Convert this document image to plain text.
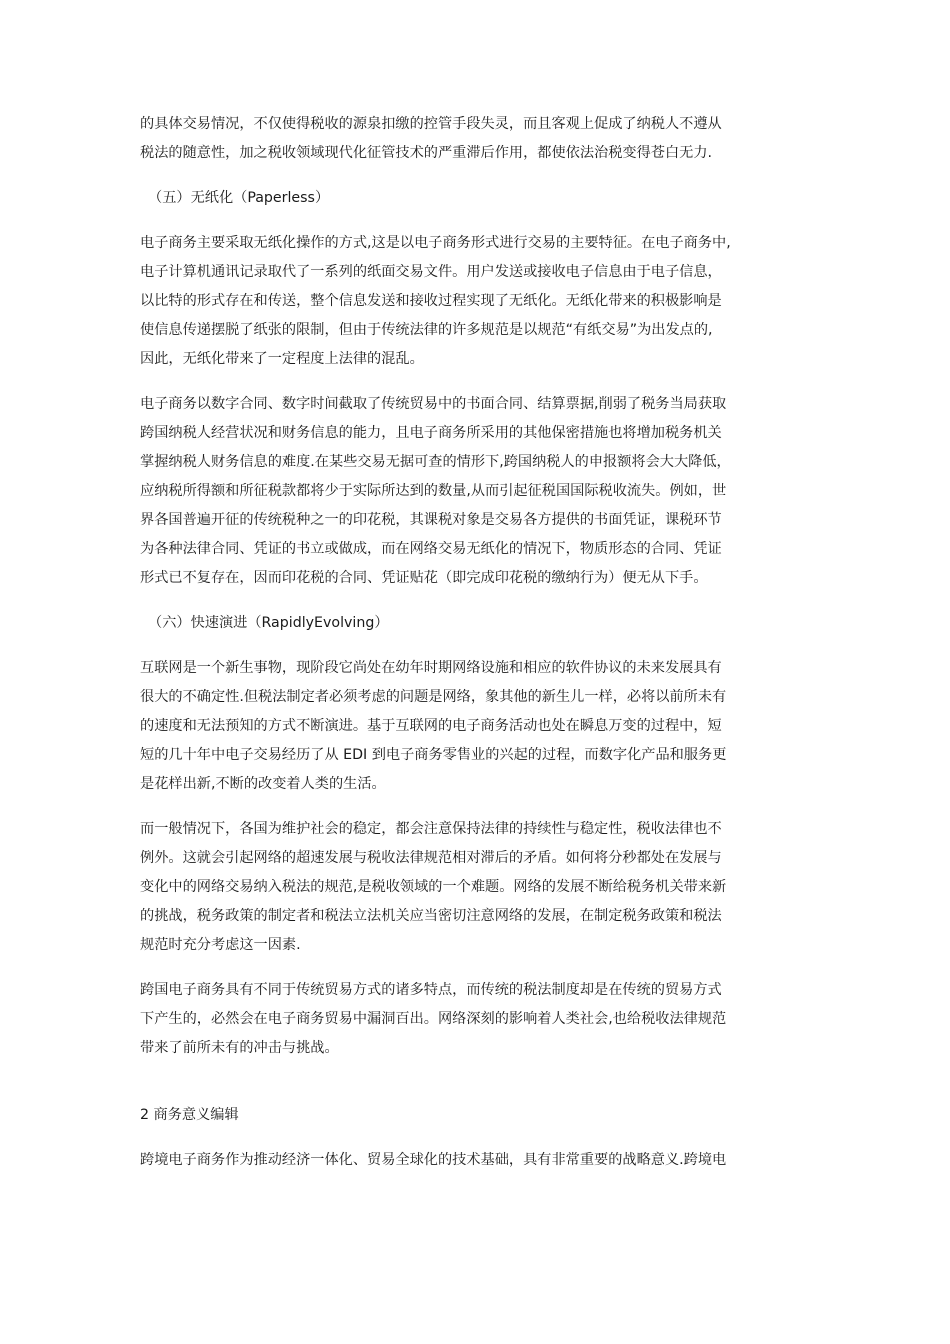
的具体交易情况，不仅使得税收的源泉扣缴的控管手段失灵，而且客观上促成了纳税人不遵从
税法的随意性，加之税收领域现代化征管技术的严重滞后作用，都使依法治税变得苍白无力.

（五）无纸化（Paperless）

电子商务主要采取无纸化操作的方式,这是以电子商务形式进行交易的主要特征。在电子商务中,
电子计算机通讯记录取代了一系列的纸面交易文件。用户发送或接收电子信息由于电子信息，
以比特的形式存在和传送，整个信息发送和接收过程实现了无纸化。无纸化带来的积极影响是
使信息传递摆脱了纸张的限制，但由于传统法律的许多规范是以规范“有纸交易”为出发点的,
因此，无纸化带来了一定程度上法律的混乱。

电子商务以数字合同、数字时间截取了传统贸易中的书面合同、结算票据,削弱了税务当局获取
跨国纳税人经营状况和财务信息的能力，且电子商务所采用的其他保密措施也将增加税务机关
掌握纳税人财务信息的难度.在某些交易无据可查的情形下,跨国纳税人的申报额将会大大降低，
应纳税所得额和所征税款都将少于实际所达到的数量,从而引起征税国国际税收流失。例如，世
界各国普遍开征的传统税种之一的印花税，其课税对象是交易各方提供的书面凭证，课税环节
为各种法律合同、凭证的书立或做成，而在网络交易无纸化的情况下，物质形态的合同、凭证
形式已不复存在，因而印花税的合同、凭证贴花（即完成印花税的缴纳行为）便无从下手。

（六）快速演进（RapidlyEvolving）

互联网是一个新生事物，现阶段它尚处在幼年时期网络设施和相应的软件协议的未来发展具有
很大的不确定性.但税法制定者必须考虑的问题是网络，象其他的新生儿一样，必将以前所未有
的速度和无法预知的方式不断演进。基于互联网的电子商务活动也处在瞬息万变的过程中，短
短的几十年中电子交易经历了从 EDI 到电子商务零售业的兴起的过程，而数字化产品和服务更
是花样出新,不断的改变着人类的生活。

而一般情况下，各国为维护社会的稳定，都会注意保持法律的持续性与稳定性，税收法律也不
例外。这就会引起网络的超速发展与税收法律规范相对滞后的矛盾。如何将分秒都处在发展与
变化中的网络交易纳入税法的规范,是税收领域的一个难题。网络的发展不断给税务机关带来新
的挑战，税务政策的制定者和税法立法机关应当密切注意网络的发展，在制定税务政策和税法
规范时充分考虑这一因素.

跨国电子商务具有不同于传统贸易方式的诸多特点，而传统的税法制度却是在传统的贸易方式
下产生的，必然会在电子商务贸易中漏洞百出。网络深刻的影响着人类社会,也给税收法律规范
带来了前所未有的冲击与挑战。

2 商务意义编辑

跨境电子商务作为推动经济一体化、贸易全球化的技术基础，具有非常重要的战略意义.跨境电
